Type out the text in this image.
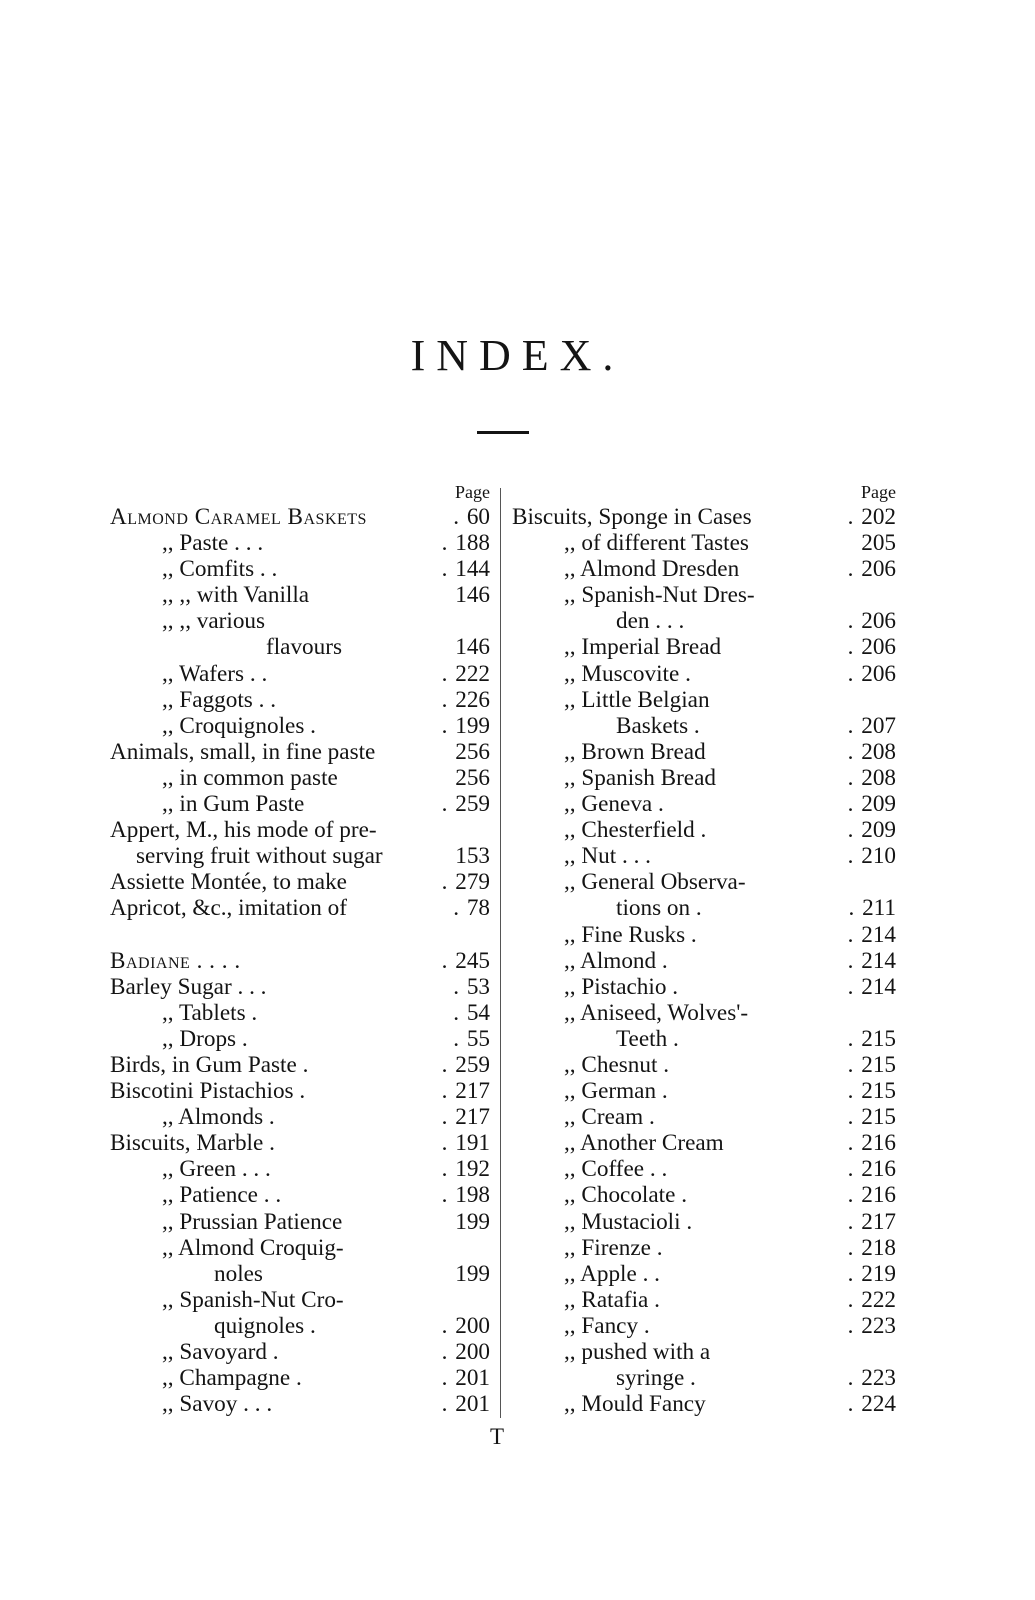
INDEX.
Page
Almond Caramel Baskets	. 60
,, Paste . . .	. 188
,, Comfits . .	. 144
,, ,, with Vanilla	146
,, ,, various
flavours	146
,, Wafers . .	. 222
,, Faggots . .	. 226
,, Croquignoles .	. 199
Animals, small, in fine paste	256
,, in common paste	256
,, in Gum Paste	. 259
Appert, M., his mode of pre-
serving fruit without sugar	153
Assiette Montée, to make	. 279
Apricot, &c., imitation of	. 78
Badiane . . . .	. 245
Barley Sugar . . .	. 53
,, Tablets .	. 54
,, Drops .	. 55
Birds, in Gum Paste .	. 259
Biscotini Pistachios .	. 217
,, Almonds .	. 217
Biscuits, Marble .	. 191
,, Green . . .	. 192
,, Patience . .	. 198
,, Prussian Patience	199
,, Almond Croquig-
noles	199
,, Spanish-Nut Cro-
quignoles .	. 200
,, Savoyard .	. 200
,, Champagne .	. 201
,, Savoy . . .	. 201
Page
Biscuits, Sponge in Cases	. 202
,, of different Tastes	205
,, Almond Dresden	. 206
,, Spanish-Nut Dres-
den . . .	. 206
,, Imperial Bread	. 206
,, Muscovite .	. 206
,, Little Belgian
Baskets .	. 207
,, Brown Bread	. 208
,, Spanish Bread	. 208
,, Geneva .	. 209
,, Chesterfield .	. 209
,, Nut . . .	. 210
,, General Observa-
tions on .	. 211
,, Fine Rusks .	. 214
,, Almond .	. 214
,, Pistachio .	. 214
,, Aniseed, Wolves'-
Teeth .	. 215
,, Chesnut .	. 215
,, German .	. 215
,, Cream .	. 215
,, Another Cream	. 216
,, Coffee . .	. 216
,, Chocolate .	. 216
,, Mustacioli .	. 217
,, Firenze .	. 218
,, Apple . .	. 219
,, Ratafia .	. 222
,, Fancy .	. 223
,, pushed with a
syringe .	. 223
,, Mould Fancy	. 224
T
